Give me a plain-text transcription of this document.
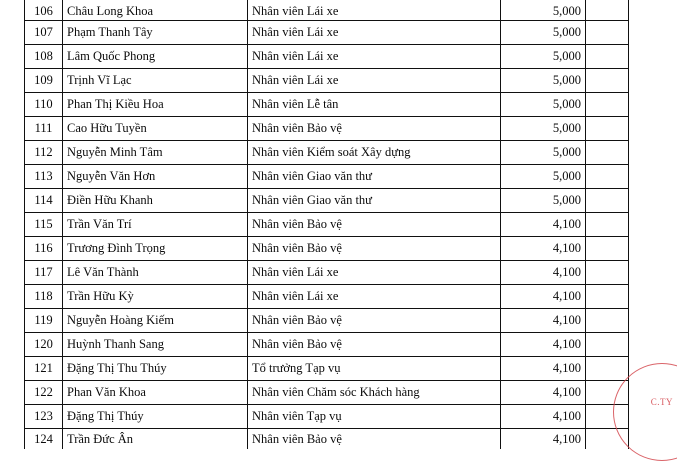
106	Châu Long Khoa	Nhân viên Lái xe	5,000	
107	Phạm Thanh Tây	Nhân viên Lái xe	5,000	
108	Lâm Quốc Phong	Nhân viên Lái xe	5,000	
109	Trịnh Vĩ Lạc	Nhân viên Lái xe	5,000	
110	Phan Thị Kiều Hoa	Nhân viên Lễ tân	5,000	
111	Cao Hữu Tuyền	Nhân viên Bảo vệ	5,000	
112	Nguyễn Minh Tâm	Nhân viên Kiểm soát Xây dựng	5,000	
113	Nguyễn Văn Hơn	Nhân viên Giao văn thư	5,000	
114	Điền Hữu Khanh	Nhân viên Giao văn thư	5,000	
115	Trần Văn Trí	Nhân viên Bảo vệ	4,100	
116	Trương Đình Trọng	Nhân viên Bảo vệ	4,100	
117	Lê Văn Thành	Nhân viên Lái xe	4,100	
118	Trần Hữu Kỳ	Nhân viên Lái xe	4,100	
119	Nguyễn Hoàng Kiếm	Nhân viên Bảo vệ	4,100	
120	Huỳnh Thanh Sang	Nhân viên Bảo vệ	4,100	
121	Đặng Thị Thu Thúy	Tổ trưởng Tạp vụ	4,100	
122	Phan Văn Khoa	Nhân viên Chăm sóc Khách hàng	4,100	
123	Đặng Thị Thúy	Nhân viên Tạp vụ	4,100	
124	Trần Đức Ân	Nhân viên Bảo vệ	4,100	
C.TY
